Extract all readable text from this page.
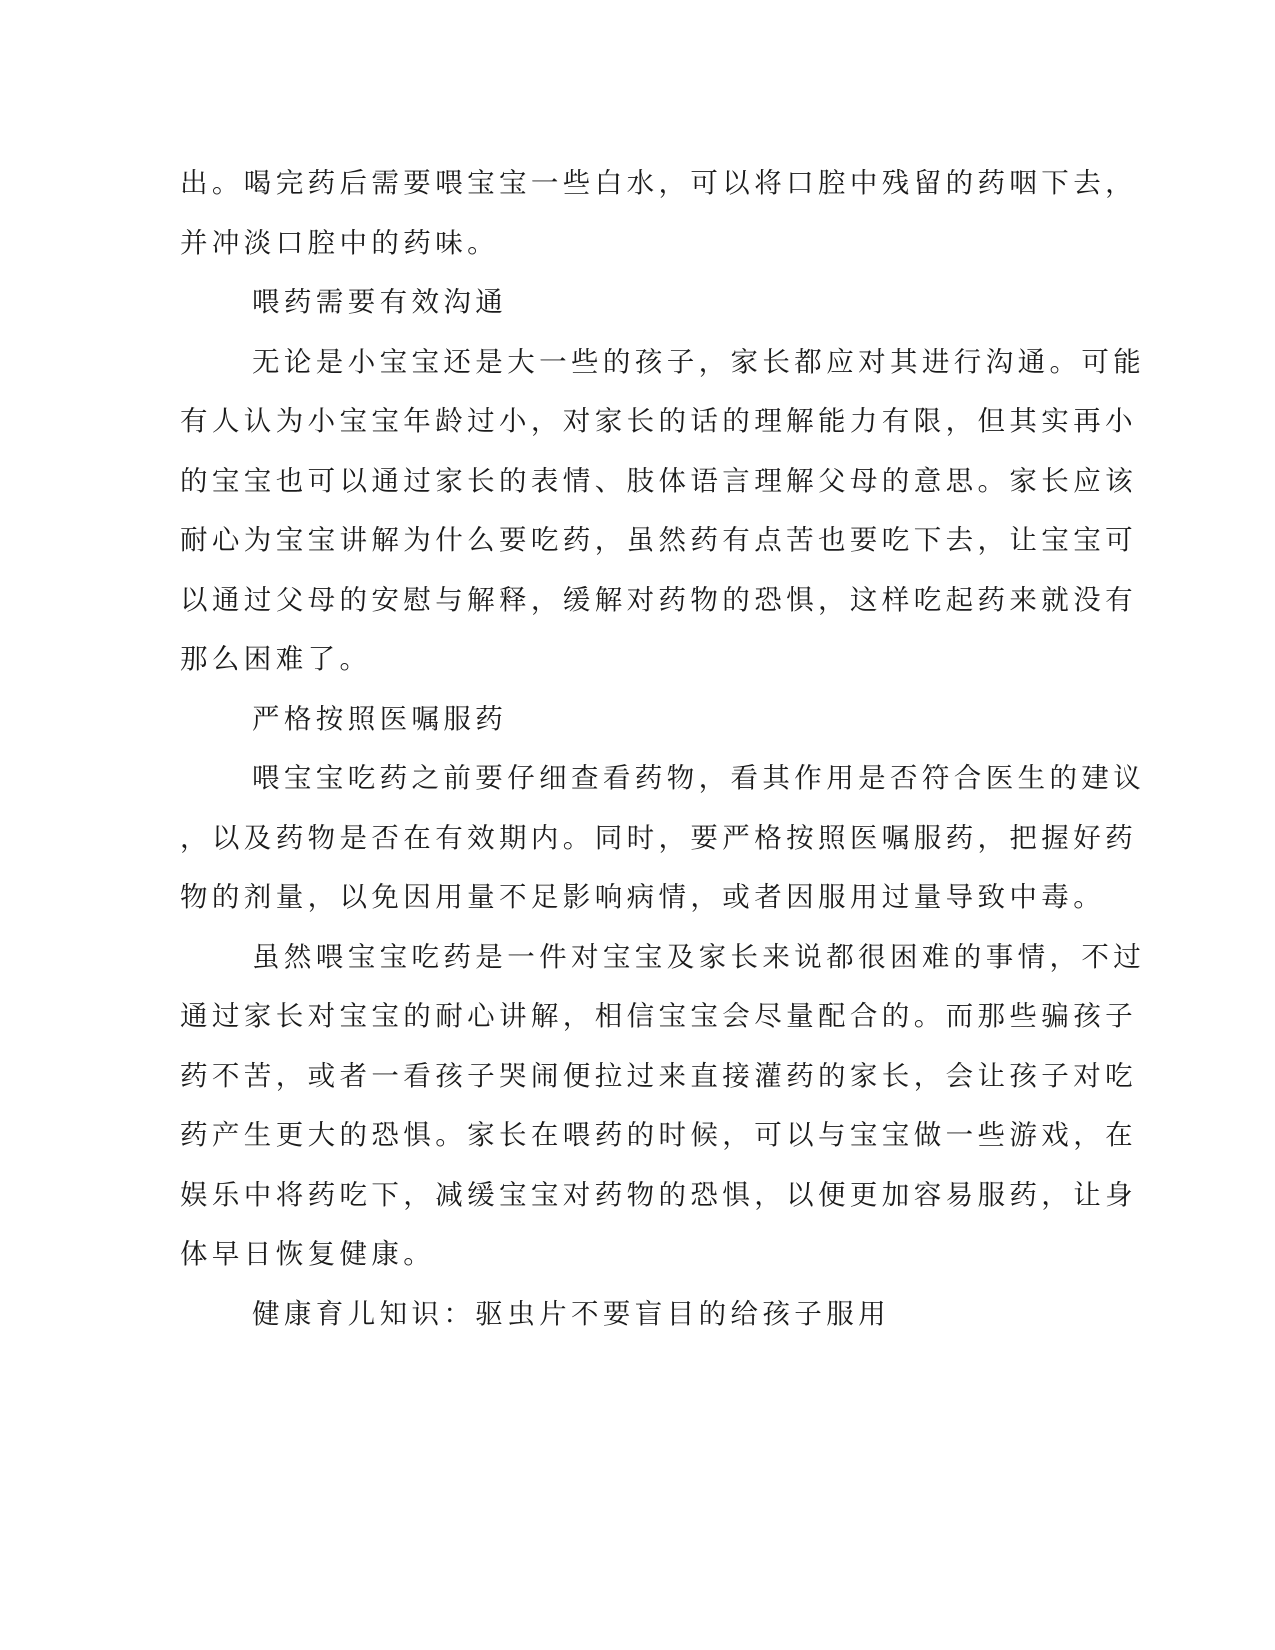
出。喝完药后需要喂宝宝一些白水，可以将口腔中残留的药咽下去，
并冲淡口腔中的药味。
喂药需要有效沟通
无论是小宝宝还是大一些的孩子，家长都应对其进行沟通。可能
有人认为小宝宝年龄过小，对家长的话的理解能力有限，但其实再小
的宝宝也可以通过家长的表情、肢体语言理解父母的意思。家长应该
耐心为宝宝讲解为什么要吃药，虽然药有点苦也要吃下去，让宝宝可
以通过父母的安慰与解释，缓解对药物的恐惧，这样吃起药来就没有
那么困难了。
严格按照医嘱服药
喂宝宝吃药之前要仔细查看药物，看其作用是否符合医生的建议
，以及药物是否在有效期内。同时，要严格按照医嘱服药，把握好药
物的剂量，以免因用量不足影响病情，或者因服用过量导致中毒。
虽然喂宝宝吃药是一件对宝宝及家长来说都很困难的事情，不过
通过家长对宝宝的耐心讲解，相信宝宝会尽量配合的。而那些骗孩子
药不苦，或者一看孩子哭闹便拉过来直接灌药的家长，会让孩子对吃
药产生更大的恐惧。家长在喂药的时候，可以与宝宝做一些游戏，在
娱乐中将药吃下，减缓宝宝对药物的恐惧，以便更加容易服药，让身
体早日恢复健康。
健康育儿知识：驱虫片不要盲目的给孩子服用
